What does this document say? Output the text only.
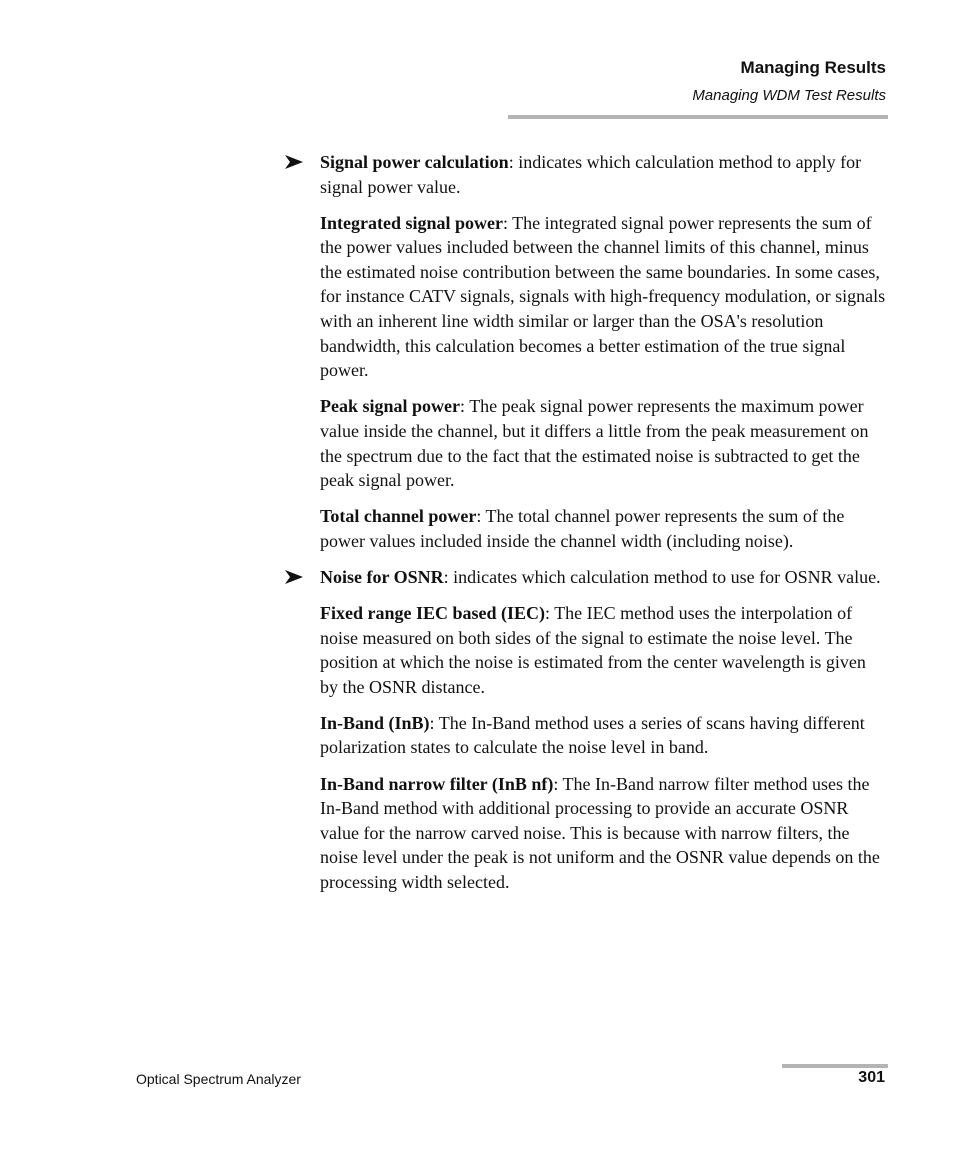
Managing Results
Managing WDM Test Results

Signal power calculation: indicates which calculation method to apply for signal power value.

Integrated signal power: The integrated signal power represents the sum of the power values included between the channel limits of this channel, minus the estimated noise contribution between the same boundaries. In some cases, for instance CATV signals, signals with high-frequency modulation, or signals with an inherent line width similar or larger than the OSA's resolution bandwidth, this calculation becomes a better estimation of the true signal power.

Peak signal power: The peak signal power represents the maximum power value inside the channel, but it differs a little from the peak measurement on the spectrum due to the fact that the estimated noise is subtracted to get the peak signal power.

Total channel power: The total channel power represents the sum of the power values included inside the channel width (including noise).

Noise for OSNR: indicates which calculation method to use for OSNR value.

Fixed range IEC based (IEC): The IEC method uses the interpolation of noise measured on both sides of the signal to estimate the noise level. The position at which the noise is estimated from the center wavelength is given by the OSNR distance.

In-Band (InB): The In-Band method uses a series of scans having different polarization states to calculate the noise level in band.

In-Band narrow filter (InB nf): The In-Band narrow filter method uses the In-Band method with additional processing to provide an accurate OSNR value for the narrow carved noise. This is because with narrow filters, the noise level under the peak is not uniform and the OSNR value depends on the processing width selected.

Optical Spectrum Analyzer	301
